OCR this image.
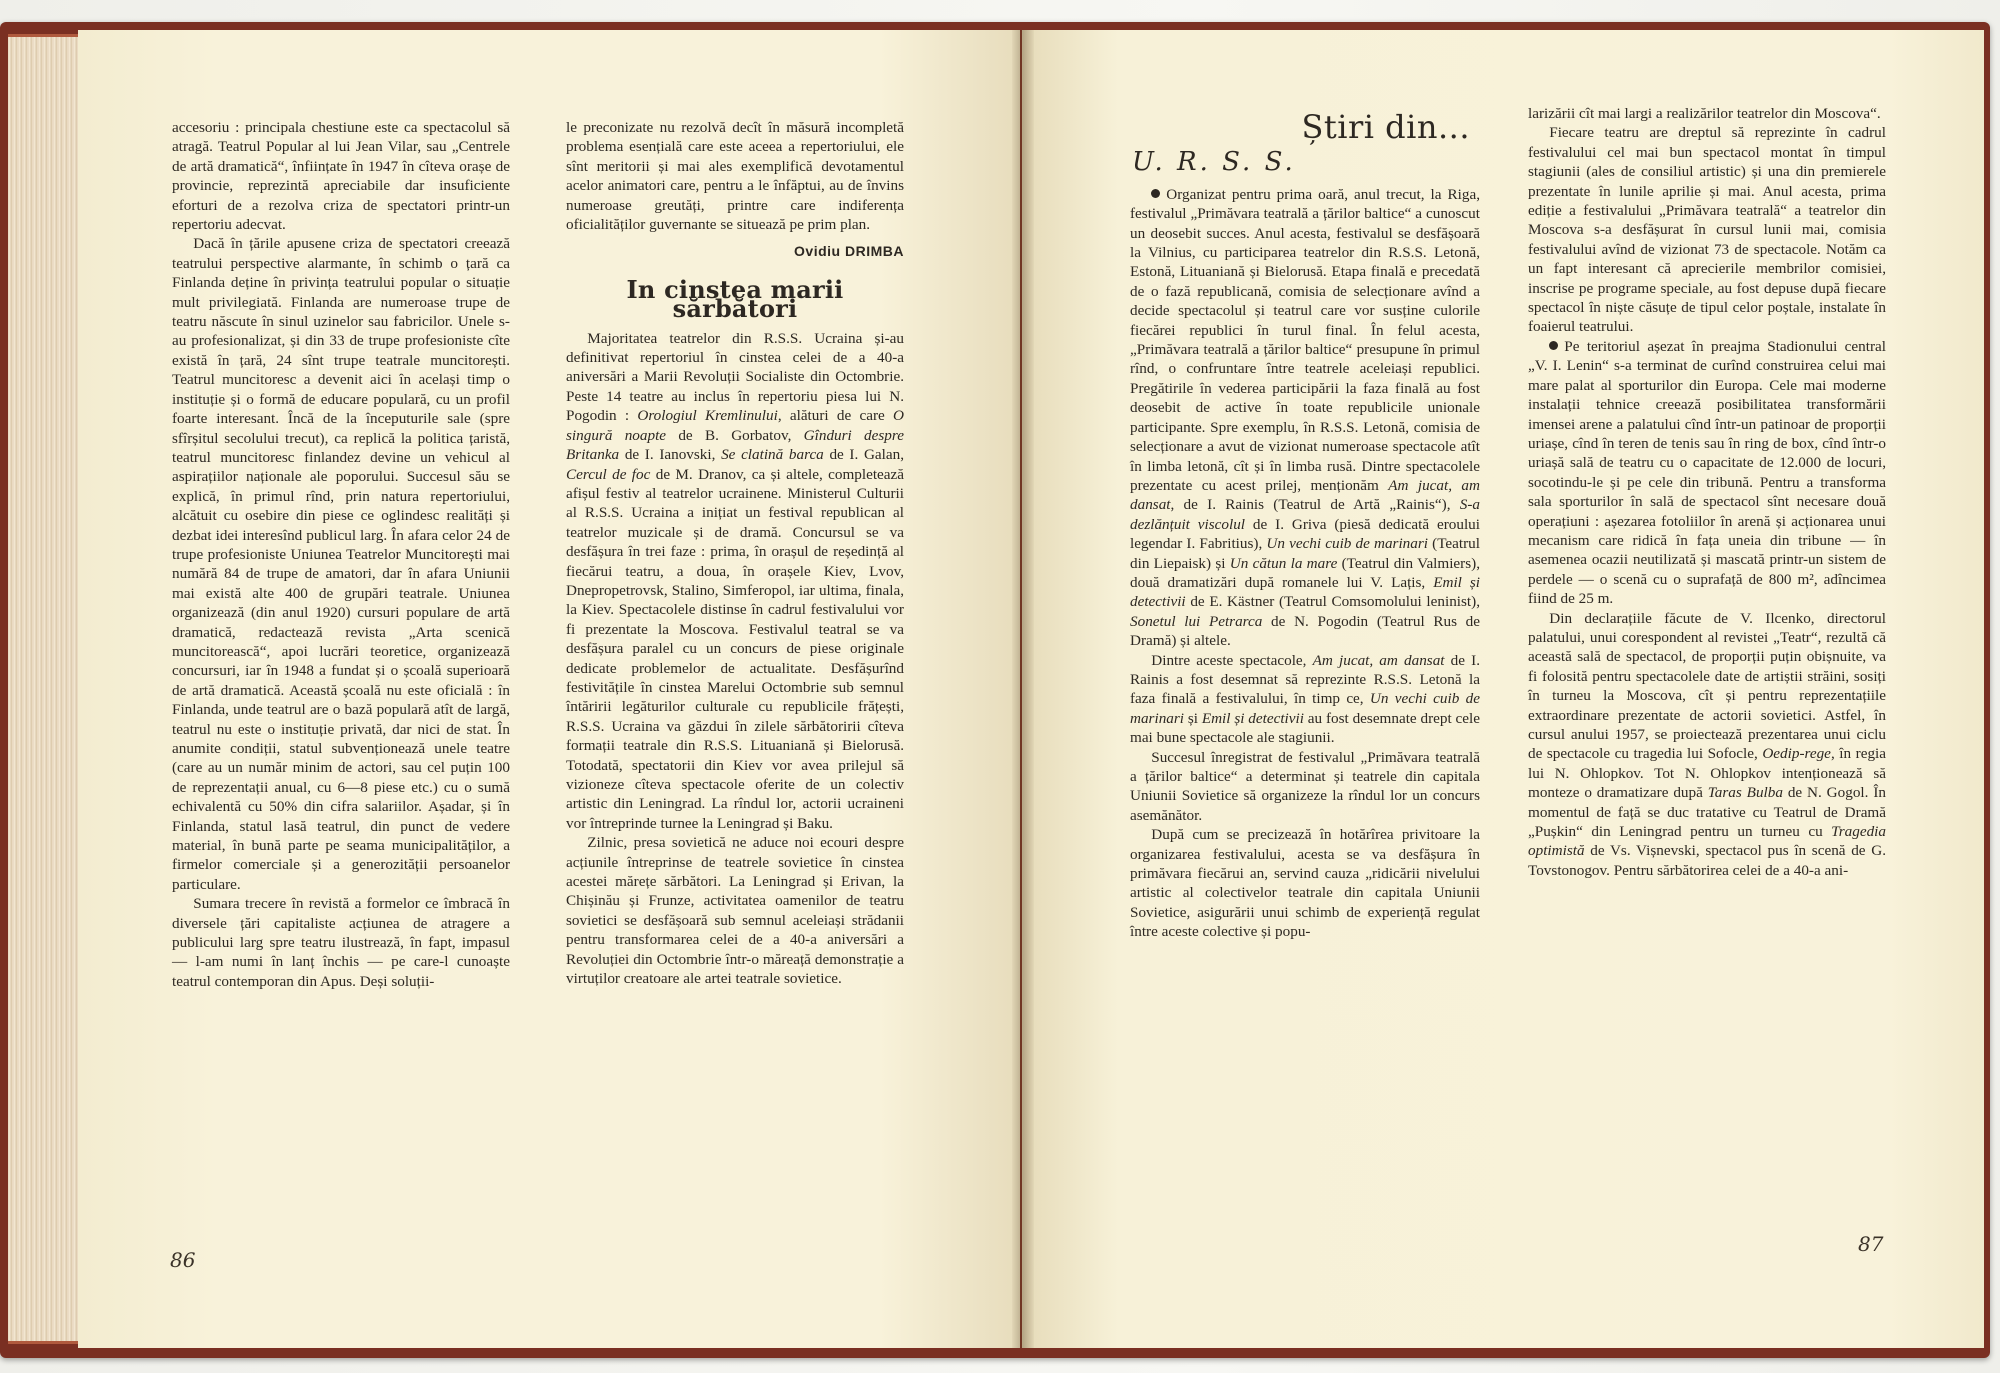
accesoriu : principala chestiune este ca spectacolul să atragă. Teatrul Popular al lui Jean Vilar, sau „Centrele de artă dramatică“, înființate în 1947 în cîteva orașe de provincie, reprezintă apreciabile dar insuficiente eforturi de a rezolva criza de spectatori printr-un repertoriu adecvat.

Dacă în țările apusene criza de spectatori creează teatrului perspective alarmante, în schimb o țară ca Finlanda deține în privința teatrului popular o situație mult privilegiată. Finlanda are numeroase trupe de teatru născute în sinul uzinelor sau fabricilor. Unele s-au profesionalizat, și din 33 de trupe profesioniste cîte există în țară, 24 sînt trupe teatrale muncitorești. Teatrul muncitoresc a devenit aici în același timp o instituție și o formă de educare populară, cu un profil foarte interesant. Încă de la începuturile sale (spre sfîrșitul secolului trecut), ca replică la politica țaristă, teatrul muncitoresc finlandez devine un vehicul al aspirațiilor naționale ale poporului. Succesul său se explică, în primul rînd, prin natura repertoriului, alcătuit cu osebire din piese ce oglindesc realități și dezbat idei interesînd publicul larg. În afara celor 24 de trupe profesioniste Uniunea Teatrelor Muncitorești mai numără 84 de trupe de amatori, dar în afara Uniunii mai există alte 400 de grupări teatrale. Uniunea organizează (din anul 1920) cursuri populare de artă dramatică, redactează revista „Arta scenică muncitorească“, apoi lucrări teoretice, organizează concursuri, iar în 1948 a fundat și o școală superioară de artă dramatică. Această școală nu este oficială : în Finlanda, unde teatrul are o bază populară atît de largă, teatrul nu este o instituție privată, dar nici de stat. În anumite condiții, statul subvenționează unele teatre (care au un număr minim de actori, sau cel puțin 100 de reprezentații anual, cu 6—8 piese etc.) cu o sumă echivalentă cu 50% din cifra salariilor. Așadar, și în Finlanda, statul lasă teatrul, din punct de vedere material, în bună parte pe seama municipalităților, a firmelor comerciale și a generozității persoanelor particulare.

Sumara trecere în revistă a formelor ce îmbracă în diversele țări capitaliste acțiunea de atragere a publicului larg spre teatru ilustrează, în fapt, impasul — l-am numi în lanț închis — pe care-l cunoaște teatrul contemporan din Apus. Deși soluții-

le preconizate nu rezolvă decît în măsură incompletă problema esențială care este aceea a repertoriului, ele sînt meritorii și mai ales exemplifică devotamentul acelor animatori care, pentru a le înfăptui, au de învins numeroase greutăți, printre care indiferența oficialităților guvernante se situează pe prim plan.

Ovidiu DRIMBA
In cinstea marii sărbători

Majoritatea teatrelor din R.S.S. Ucraina și-au definitivat repertoriul în cinstea celei de a 40-a aniversări a Marii Revoluții Socialiste din Octombrie. Peste 14 teatre au inclus în repertoriu piesa lui N. Pogodin : Orologiul Kremlinului, alături de care O singură noapte de B. Gorbatov, Gînduri despre Britanka de I. Ianovski, Se clatină barca de I. Galan, Cercul de foc de M. Dranov, ca și altele, completează afișul festiv al teatrelor ucrainene. Ministerul Culturii al R.S.S. Ucraina a inițiat un festival republican al teatrelor muzicale și de dramă. Concursul se va desfășura în trei faze : prima, în orașul de reședință al fiecărui teatru, a doua, în orașele Kiev, Lvov, Dnepropetrovsk, Stalino, Simferopol, iar ultima, finala, la Kiev. Spectacolele distinse în cadrul festivalului vor fi prezentate la Moscova. Festivalul teatral se va desfășura paralel cu un concurs de piese originale dedicate problemelor de actualitate. Desfășurînd festivitățile în cinstea Marelui Octombrie sub semnul întăririi legăturilor culturale cu republicile frățești, R.S.S. Ucraina va găzdui în zilele sărbătoririi cîteva formații teatrale din R.S.S. Lituaniană și Bielorusă. Totodată, spectatorii din Kiev vor avea prilejul să vizioneze cîteva spectacole oferite de un colectiv artistic din Leningrad. La rîndul lor, actorii ucraineni vor întreprinde turnee la Leningrad și Baku.

Zilnic, presa sovietică ne aduce noi ecouri despre acțiunile întreprinse de teatrele sovietice în cinstea acestei mărețe sărbători. La Leningrad și Erivan, la Chișinău și Frunze, activitatea oamenilor de teatru sovietici se desfășoară sub semnul aceleiași strădanii pentru transformarea celei de a 40-a aniversări a Revoluției din Octombrie într-o măreață demonstrație a virtuților creatoare ale artei teatrale sovietice.

86
Știri din...
U. R. S. S.

Organizat pentru prima oară, anul trecut, la Riga, festivalul „Primăvara teatrală a țărilor baltice“ a cunoscut un deosebit succes. Anul acesta, festivalul se desfășoară la Vilnius, cu participarea teatrelor din R.S.S. Letonă, Estonă, Lituaniană și Bielorusă. Etapa finală e precedată de o fază republicană, comisia de selecționare avînd a decide spectacolul și teatrul care vor susține culorile fiecărei republici în turul final. În felul acesta, „Primăvara teatrală a țărilor baltice“ presupune în primul rînd, o confruntare între teatrele aceleiași republici. Pregătirile în vederea participării la faza finală au fost deosebit de active în toate republicile unionale participante. Spre exemplu, în R.S.S. Letonă, comisia de selecționare a avut de vizionat numeroase spectacole atît în limba letonă, cît și în limba rusă. Dintre spectacolele prezentate cu acest prilej, menționăm Am jucat, am dansat, de I. Rainis (Teatrul de Artă „Rainis“), S-a dezlănțuit viscolul de I. Griva (piesă dedicată eroului legendar I. Fabritius), Un vechi cuib de marinari (Teatrul din Liepaisk) și Un cătun la mare (Teatrul din Valmiers), două dramatizări după romanele lui V. Lațis, Emil și detectivii de E. Kästner (Teatrul Comsomolului leninist), Sonetul lui Petrarca de N. Pogodin (Teatrul Rus de Dramă) și altele.

Dintre aceste spectacole, Am jucat, am dansat de I. Rainis a fost desemnat să reprezinte R.S.S. Letonă la faza finală a festivalului, în timp ce, Un vechi cuib de marinari și Emil și detectivii au fost desemnate drept cele mai bune spectacole ale stagiunii.

Succesul înregistrat de festivalul „Primăvara teatrală a țărilor baltice“ a determinat și teatrele din capitala Uniunii Sovietice să organizeze la rîndul lor un concurs asemănător.

După cum se precizează în hotărîrea privitoare la organizarea festivalului, acesta se va desfășura în primăvara fiecărui an, servind cauza „ridicării nivelului artistic al colectivelor teatrale din capitala Uniunii Sovietice, asigurării unui schimb de experiență regulat între aceste colective și popu-

larizării cît mai largi a realizărilor teatrelor din Moscova“.

Fiecare teatru are dreptul să reprezinte în cadrul festivalului cel mai bun spectacol montat în timpul stagiunii (ales de consiliul artistic) și una din premierele prezentate în lunile aprilie și mai. Anul acesta, prima ediție a festivalului „Primăvara teatrală“ a teatrelor din Moscova s-a desfășurat în cursul lunii mai, comisia festivalului avînd de vizionat 73 de spectacole. Notăm ca un fapt interesant că aprecierile membrilor comisiei, inscrise pe programe speciale, au fost depuse după fiecare spectacol în niște căsuțe de tipul celor poștale, instalate în foaierul teatrului.

Pe teritoriul așezat în preajma Stadionului central „V. I. Lenin“ s-a terminat de curînd construirea celui mai mare palat al sporturilor din Europa. Cele mai moderne instalații tehnice creează posibilitatea transformării imensei arene a palatului cînd într-un patinoar de proporții uriașe, cînd în teren de tenis sau în ring de box, cînd într-o uriașă sală de teatru cu o capacitate de 12.000 de locuri, socotindu-le și pe cele din tribună. Pentru a transforma sala sporturilor în sală de spectacol sînt necesare două operațiuni : așezarea fotoliilor în arenă și acționarea unui mecanism care ridică în fața uneia din tribune — în asemenea ocazii neutilizată și mascată printr-un sistem de perdele — o scenă cu o suprafață de 800 m², adîncimea fiind de 25 m.

Din declarațiile făcute de V. Ilcenko, directorul palatului, unui corespondent al revistei „Teatr“, rezultă că această sală de spectacol, de proporții puțin obișnuite, va fi folosită pentru spectacolele date de artiștii străini, sosiți în turneu la Moscova, cît și pentru reprezentațiile extraordinare prezentate de actorii sovietici. Astfel, în cursul anului 1957, se proiectează prezentarea unui ciclu de spectacole cu tragedia lui Sofocle, Oedip-rege, în regia lui N. Ohlopkov. Tot N. Ohlopkov intenționează să monteze o dramatizare după Taras Bulba de N. Gogol. În momentul de față se duc tratative cu Teatrul de Dramă „Pușkin“ din Leningrad pentru un turneu cu Tragedia optimistă de Vs. Vișnevski, spectacol pus în scenă de G. Tovstonogov. Pentru sărbătorirea celei de a 40-a ani-

87
